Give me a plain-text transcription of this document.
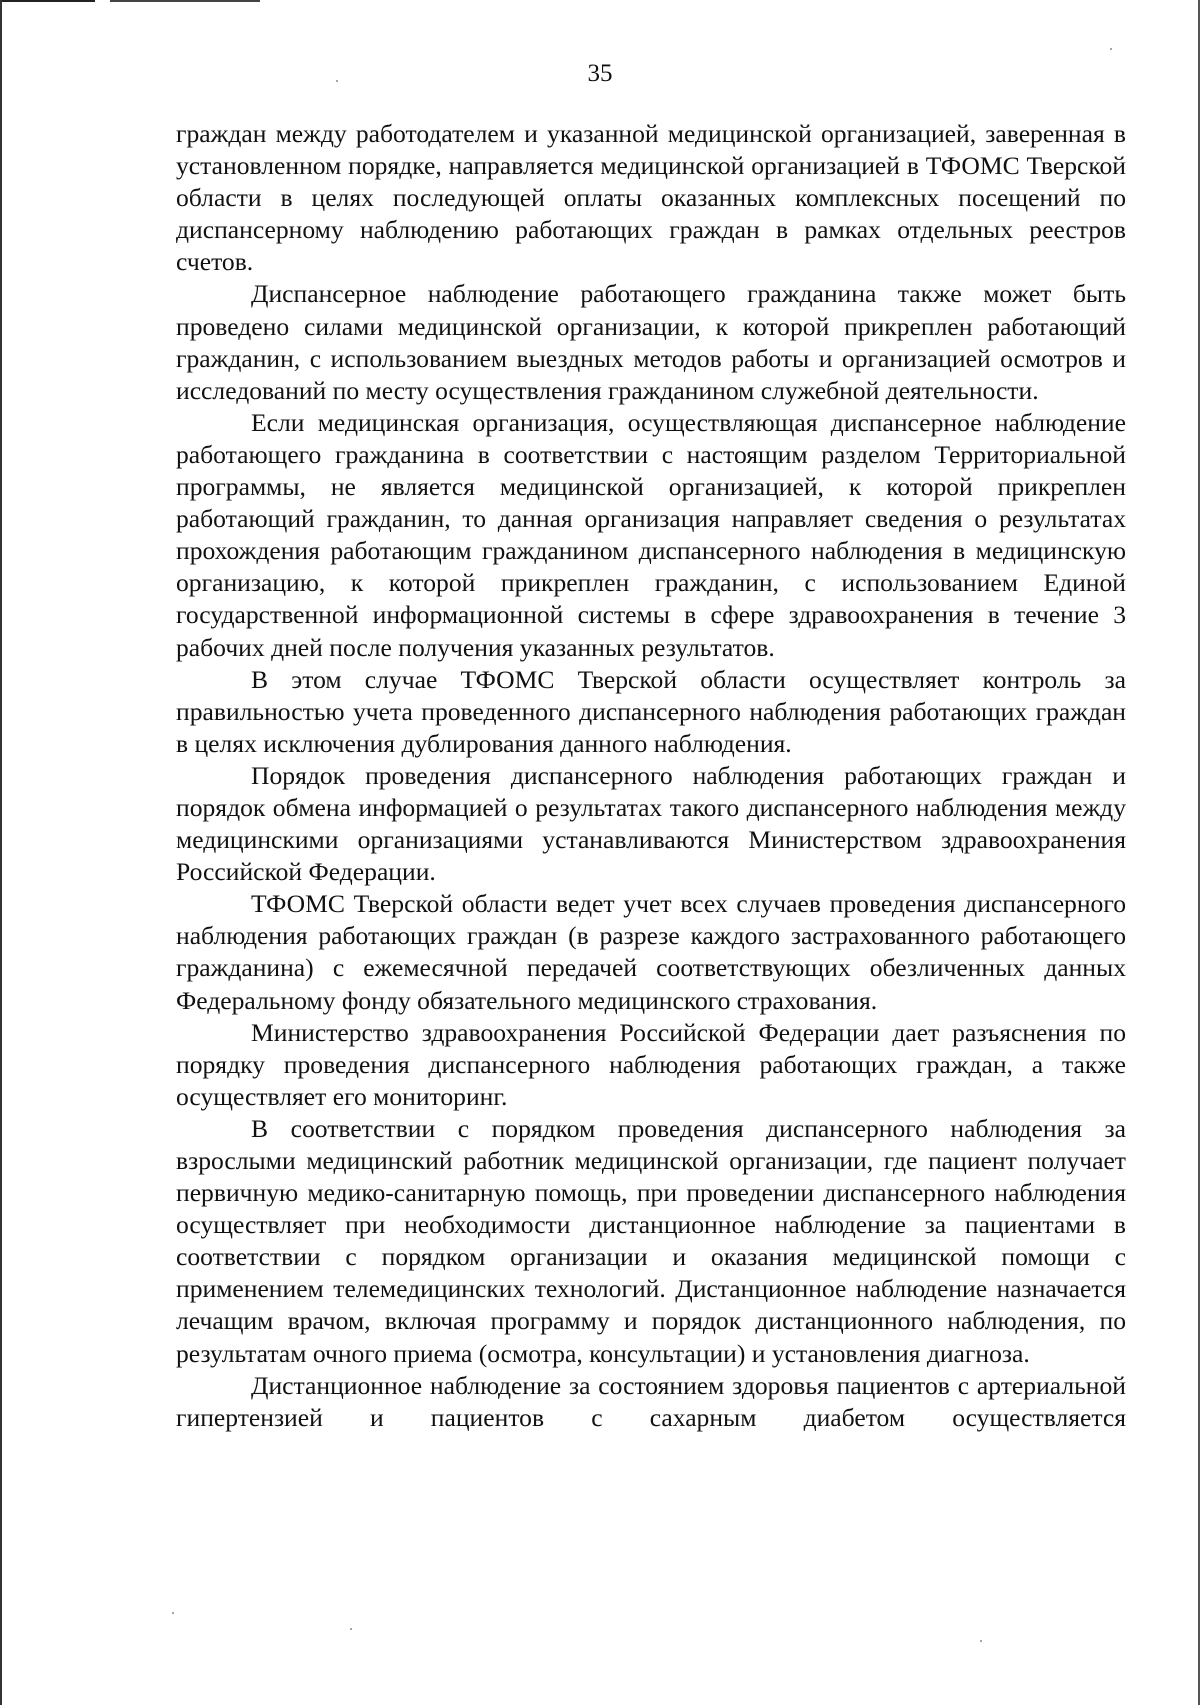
35

граждан между работодателем и указанной медицинской организацией, заверенная в установленном порядке, направляется медицинской организацией в ТФОМС Тверской области в целях последующей оплаты оказанных комплексных посещений по диспансерному наблюдению работающих граждан в рамках отдельных реестров счетов.

Диспансерное наблюдение работающего гражданина также может быть проведено силами медицинской организации, к которой прикреплен работающий гражданин, с использованием выездных методов работы и организацией осмотров и исследований по месту осуществления гражданином служебной деятельности.

Если медицинская организация, осуществляющая диспансерное наблюдение работающего гражданина в соответствии с настоящим разделом Территориальной программы, не является медицинской организацией, к которой прикреплен работающий гражданин, то данная организация направляет сведения о результатах прохождения работающим гражданином диспансерного наблюдения в медицинскую организацию, к которой прикреплен гражданин, с использованием Единой государственной информационной системы в сфере здравоохранения в течение 3 рабочих дней после получения указанных результатов.

В этом случае ТФОМС Тверской области осуществляет контроль за правильностью учета проведенного диспансерного наблюдения работающих граждан в целях исключения дублирования данного наблюдения.

Порядок проведения диспансерного наблюдения работающих граждан и порядок обмена информацией о результатах такого диспансерного наблюдения между медицинскими организациями устанавливаются Министерством здравоохранения Российской Федерации.

ТФОМС Тверской области ведет учет всех случаев проведения диспансерного наблюдения работающих граждан (в разрезе каждого застрахованного работающего гражданина) с ежемесячной передачей соответствующих обезличенных данных Федеральному фонду обязательного медицинского страхования.

Министерство здравоохранения Российской Федерации дает разъяснения по порядку проведения диспансерного наблюдения работающих граждан, а также осуществляет его мониторинг.

В соответствии с порядком проведения диспансерного наблюдения за взрослыми медицинский работник медицинской организации, где пациент получает первичную медико-санитарную помощь, при проведении диспансерного наблюдения осуществляет при необходимости дистанционное наблюдение за пациентами в соответствии с порядком организации и оказания медицинской помощи с применением телемедицинских технологий. Дистанционное наблюдение назначается лечащим врачом, включая программу и порядок дистанционного наблюдения, по результатам очного приема (осмотра, консультации) и установления диагноза.

Дистанционное наблюдение за состоянием здоровья пациентов с артериальной гипертензией и пациентов с сахарным диабетом осуществляется
